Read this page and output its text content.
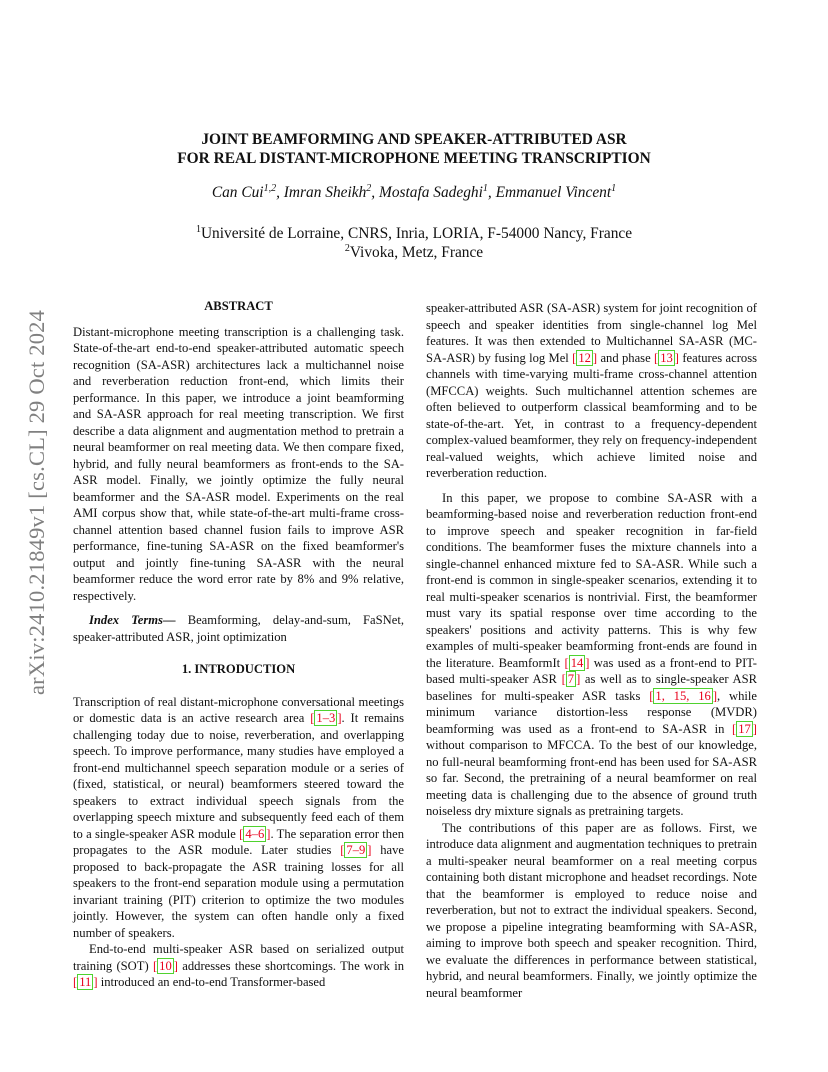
arXiv:2410.21849v1 [cs.CL] 29 Oct 2024
JOINT BEAMFORMING AND SPEAKER-ATTRIBUTED ASR
FOR REAL DISTANT-MICROPHONE MEETING TRANSCRIPTION
Can Cui$^{1,2}$, Imran Sheikh$^2$, Mostafa Sadeghi$^1$, Emmanuel Vincent$^1$
$^1$Université de Lorraine, CNRS, Inria, LORIA, F-54000 Nancy, France
$^2$Vivoka, Metz, France
ABSTRACT

Distant-microphone meeting transcription is a challenging task. State-of-the-art end-to-end speaker-attributed automatic speech recognition (SA-ASR) architectures lack a multichannel noise and reverberation reduction front-end, which limits their performance. In this paper, we introduce a joint beamforming and SA-ASR approach for real meeting transcription. We first describe a data alignment and augmentation method to pretrain a neural beamformer on real meeting data. We then compare fixed, hybrid, and fully neural beamformers as front-ends to the SA-ASR model. Finally, we jointly optimize the fully neural beamformer and the SA-ASR model. Experiments on the real AMI corpus show that, while state-of-the-art multi-frame cross-channel attention based channel fusion fails to improve ASR performance, fine-tuning SA-ASR on the fixed beamformer's output and jointly fine-tuning SA-ASR with the neural beamformer reduce the word error rate by 8% and 9% relative, respectively.

Index Terms— Beamforming, delay-and-sum, FaSNet, speaker-attributed ASR, joint optimization

1. INTRODUCTION

Transcription of real distant-microphone conversational meetings or domestic data is an active research area [ 1–3 ]. It remains challenging today due to noise, reverberation, and overlapping speech. To improve performance, many studies have employed a front-end multichannel speech separation module or a series of (fixed, statistical, or neural) beamformers steered toward the speakers to extract individual speech signals from the overlapping speech mixture and subsequently feed each of them to a single-speaker ASR module [ 4–6 ]. The separation error then propagates to the ASR module. Later studies [ 7–9 ] have proposed to back-propagate the ASR training losses for all speakers to the front-end separation module using a permutation invariant training (PIT) criterion to optimize the two modules jointly. However, the system can often handle only a fixed number of speakers.

End-to-end multi-speaker ASR based on serialized output training (SOT) [ 10 ] addresses these shortcomings. The work in [ 11 ] introduced an end-to-end Transformer-based

speaker-attributed ASR (SA-ASR) system for joint recognition of speech and speaker identities from single-channel log Mel features. It was then extended to Multichannel SA-ASR (MC-SA-ASR) by fusing log Mel [ 12 ] and phase [ 13 ] features across channels with time-varying multi-frame cross-channel attention (MFCCA) weights. Such multichannel attention schemes are often believed to outperform classical beamforming and to be state-of-the-art. Yet, in contrast to a frequency-dependent complex-valued beamformer, they rely on frequency-independent real-valued weights, which achieve limited noise and reverberation reduction.

In this paper, we propose to combine SA-ASR with a beamforming-based noise and reverberation reduction front-end to improve speech and speaker recognition in far-field conditions. The beamformer fuses the mixture channels into a single-channel enhanced mixture fed to SA-ASR. While such a front-end is common in single-speaker scenarios, extending it to real multi-speaker scenarios is nontrivial. First, the beamformer must vary its spatial response over time according to the speakers' positions and activity patterns. This is why few examples of multi-speaker beamforming front-ends are found in the literature. BeamformIt [ 14 ] was used as a front-end to PIT-based multi-speaker ASR [ 7 ] as well as to single-speaker ASR baselines for multi-speaker ASR tasks [ 1, 15, 16 ], while minimum variance distortion-less response (MVDR) beamforming was used as a front-end to SA-ASR in [ 17 ] without comparison to MFCCA. To the best of our knowledge, no full-neural beamforming front-end has been used for SA-ASR so far. Second, the pretraining of a neural beamformer on real meeting data is challenging due to the absence of ground truth noiseless dry mixture signals as pretraining targets.

The contributions of this paper are as follows. First, we introduce data alignment and augmentation techniques to pretrain a multi-speaker neural beamformer on a real meeting corpus containing both distant microphone and headset recordings. Note that the beamformer is employed to reduce noise and reverberation, but not to extract the individual speakers. Second, we propose a pipeline integrating beamforming with SA-ASR, aiming to improve both speech and speaker recognition. Third, we evaluate the differences in performance between statistical, hybrid, and neural beamformers. Finally, we jointly optimize the neural beamformer
